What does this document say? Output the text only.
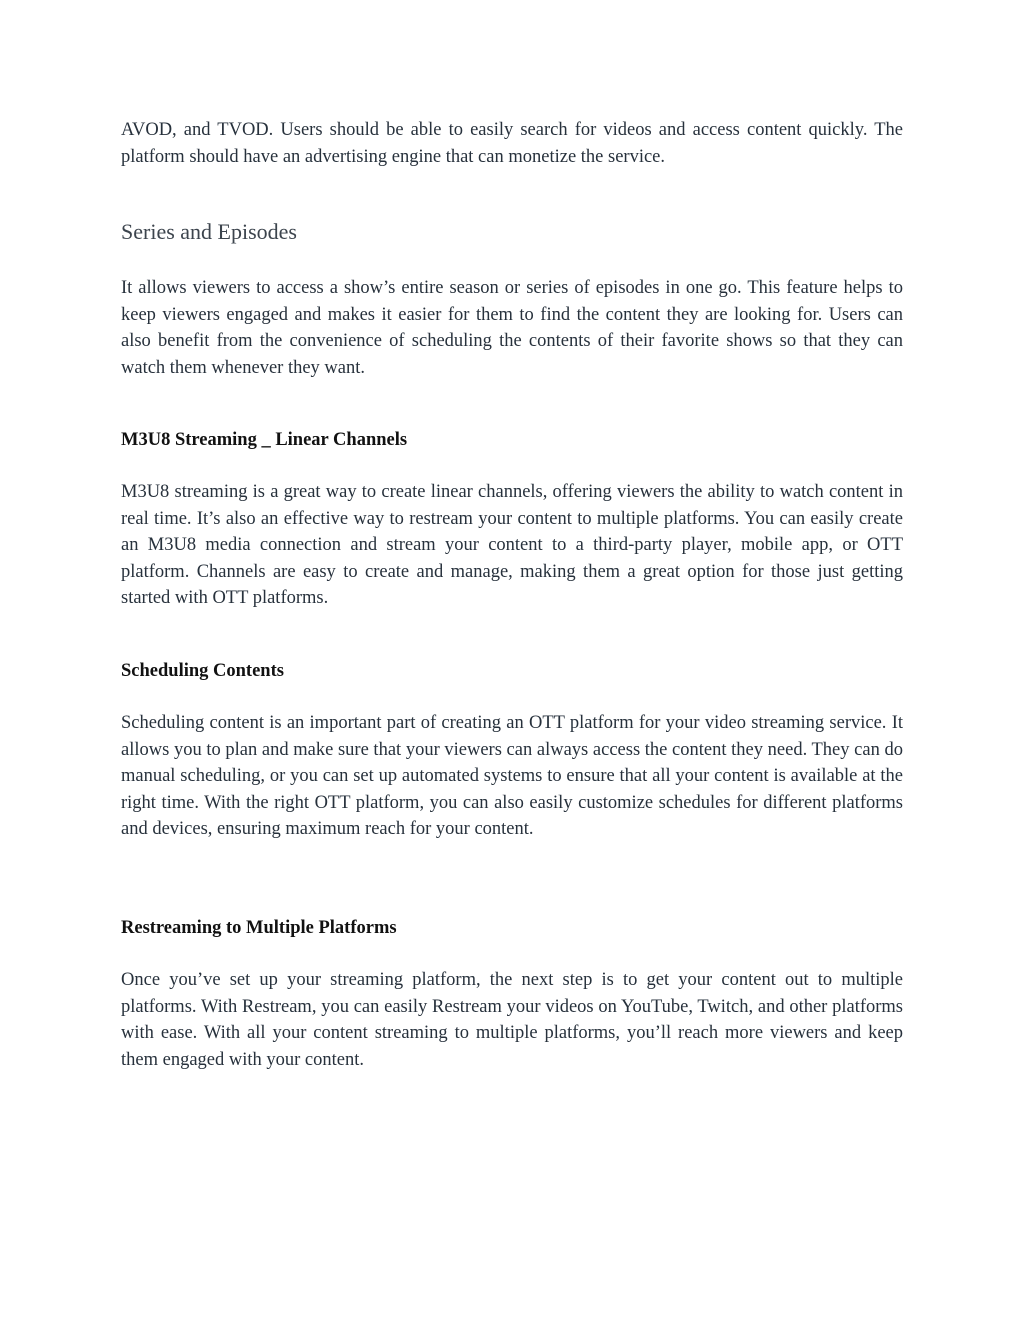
AVOD, and TVOD. Users should be able to easily search for videos and access content quickly. The platform should have an advertising engine that can monetize the service.

Series and Episodes

It allows viewers to access a show’s entire season or series of episodes in one go. This feature helps to keep viewers engaged and makes it easier for them to find the content they are looking for. Users can also benefit from the convenience of scheduling the contents of their favorite shows so that they can watch them whenever they want.

M3U8 Streaming _ Linear Channels

M3U8 streaming is a great way to create linear channels, offering viewers the ability to watch content in real time. It’s also an effective way to restream your content to multiple platforms. You can easily create an M3U8 media connection and stream your content to a third-party player, mobile app, or OTT platform. Channels are easy to create and manage, making them a great option for those just getting started with OTT platforms.

Scheduling Contents

Scheduling content is an important part of creating an OTT platform for your video streaming service. It allows you to plan and make sure that your viewers can always access the content they need. They can do manual scheduling, or you can set up automated systems to ensure that all your content is available at the right time. With the right OTT platform, you can also easily customize schedules for different platforms and devices, ensuring maximum reach for your content.

Restreaming to Multiple Platforms

Once you’ve set up your streaming platform, the next step is to get your content out to multiple platforms. With Restream, you can easily Restream your videos on YouTube, Twitch, and other platforms with ease. With all your content streaming to multiple platforms, you’ll reach more viewers and keep them engaged with your content.
